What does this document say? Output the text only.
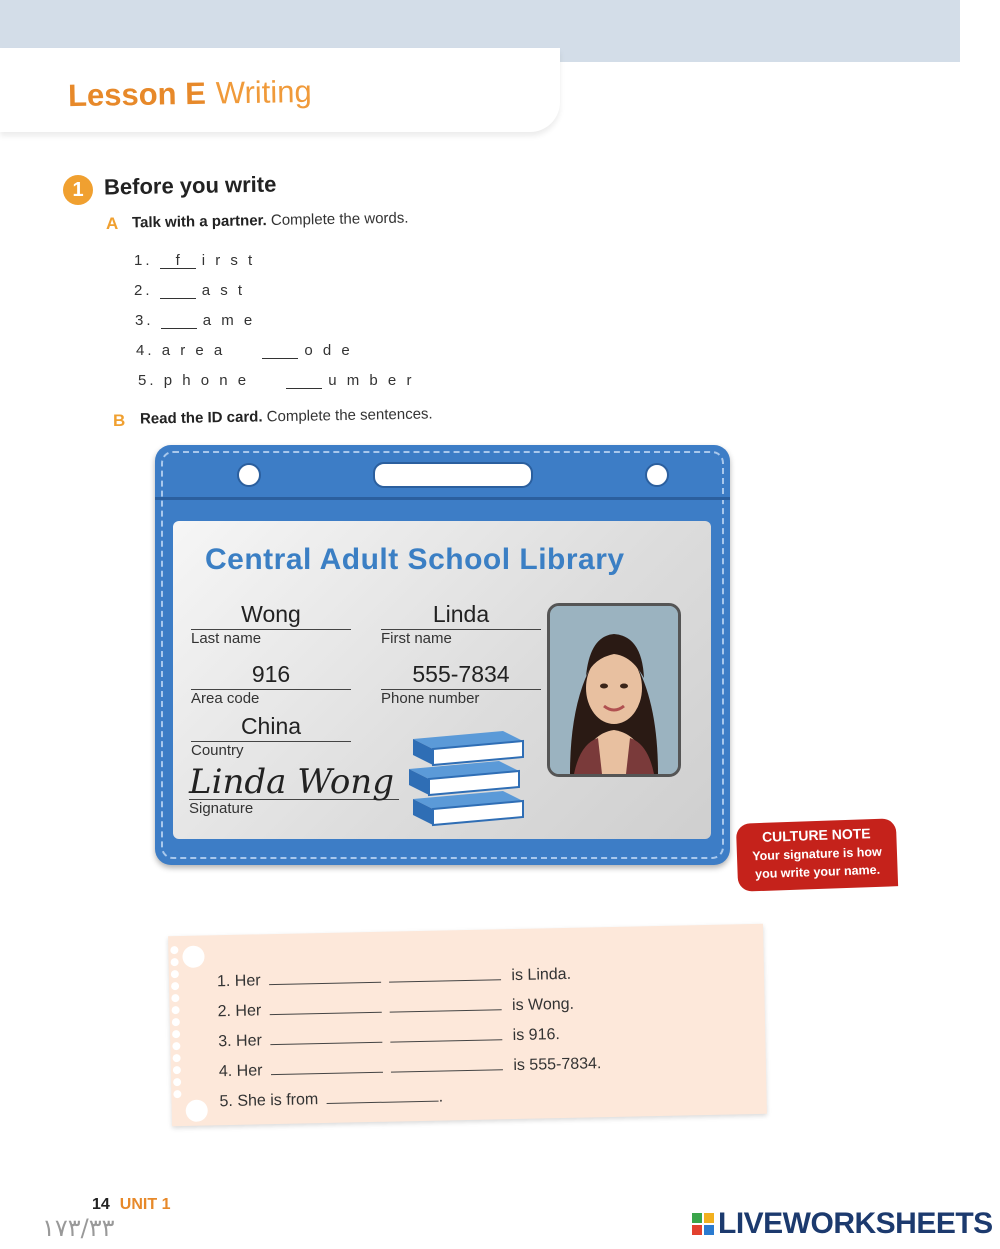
Lesson E Writing
1 Before you write
A Talk with a partner. Complete the words.
1. f i r s t
2.	a s t
3.	a m e
4. a r e a	o d e
5. p h o n e	u m b e r
B Read the ID card. Complete the sentences.
Central Adult School Library
Wong
Last name
Linda
First name
916
Area code
555-7834
Phone number
China
Country
Linda Wong
Signature
CULTURE NOTE
Your signature is how
you write your name.
1. Her	is Linda.
2. Her	is Wong.
3. Her	is 916.
4. Her	is 555-7834.
5. She is from	.
14 UNIT 1
١٧٣/٣٣	LIVEWORKSHEETS
